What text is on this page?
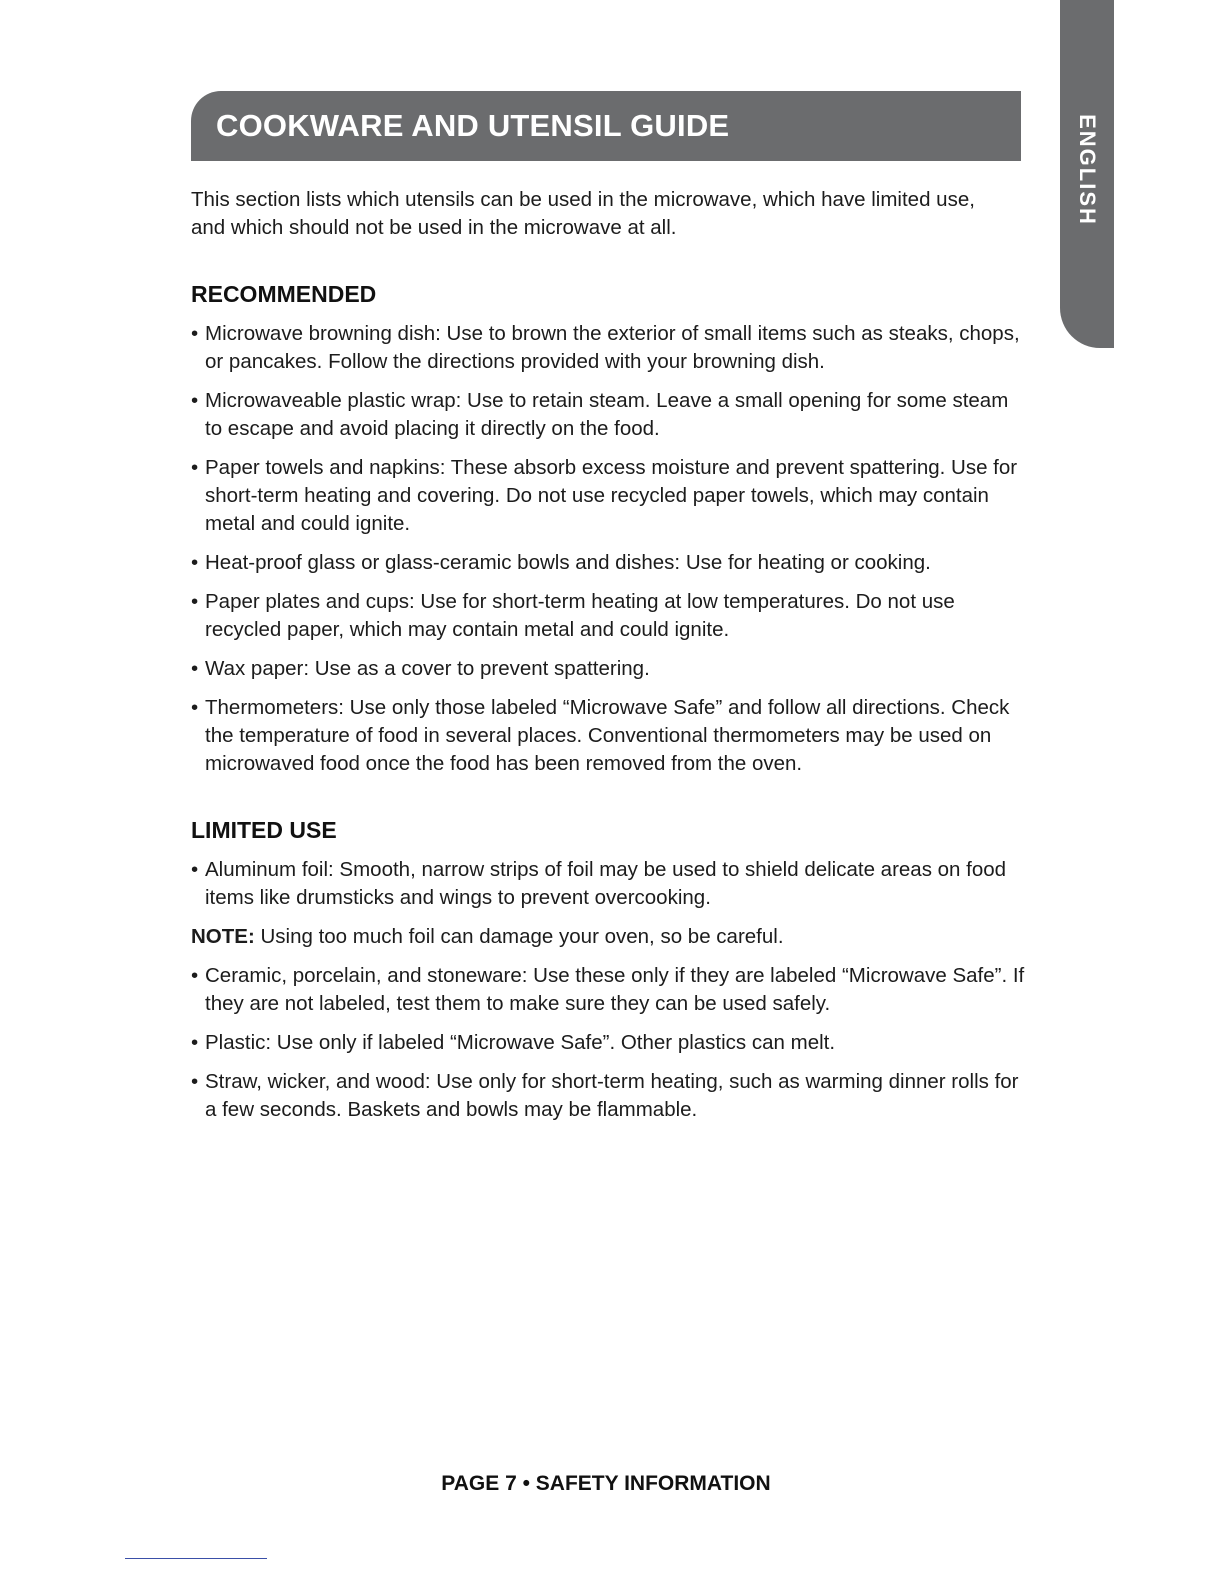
ENGLISH
COOKWARE AND UTENSIL GUIDE

This section lists which utensils can be used in the microwave, which have limited use, and which should not be used in the microwave at all.

RECOMMENDED
• Microwave browning dish: Use to brown the exterior of small items such as steaks, chops, or pancakes. Follow the directions provided with your browning dish.
• Microwaveable plastic wrap: Use to retain steam. Leave a small opening for some steam to escape and avoid placing it directly on the food.
• Paper towels and napkins: These absorb excess moisture and prevent spattering. Use for short-term heating and covering. Do not use recycled paper towels, which may contain metal and could ignite.
• Heat-proof glass or glass-ceramic bowls and dishes: Use for heating or cooking.
• Paper plates and cups: Use for short-term heating at low temperatures. Do not use recycled paper, which may contain metal and could ignite.
• Wax paper: Use as a cover to prevent spattering.
• Thermometers: Use only those labeled “Microwave Safe” and follow all directions. Check the temperature of food in several places. Conventional thermometers may be used on microwaved food once the food has been removed from the oven.
LIMITED USE
• Aluminum foil: Smooth, narrow strips of foil may be used to shield delicate areas on food items like drumsticks and wings to prevent overcooking.

NOTE: Using too much foil can damage your oven, so be careful.

• Ceramic, porcelain, and stoneware: Use these only if they are labeled “Microwave Safe”. If they are not labeled, test them to make sure they can be used safely.
• Plastic: Use only if labeled “Microwave Safe”. Other plastics can melt.
• Straw, wicker, and wood: Use only for short-term heating, such as warming dinner rolls for a few seconds. Baskets and bowls may be flammable.
PAGE 7 • SAFETY INFORMATION
